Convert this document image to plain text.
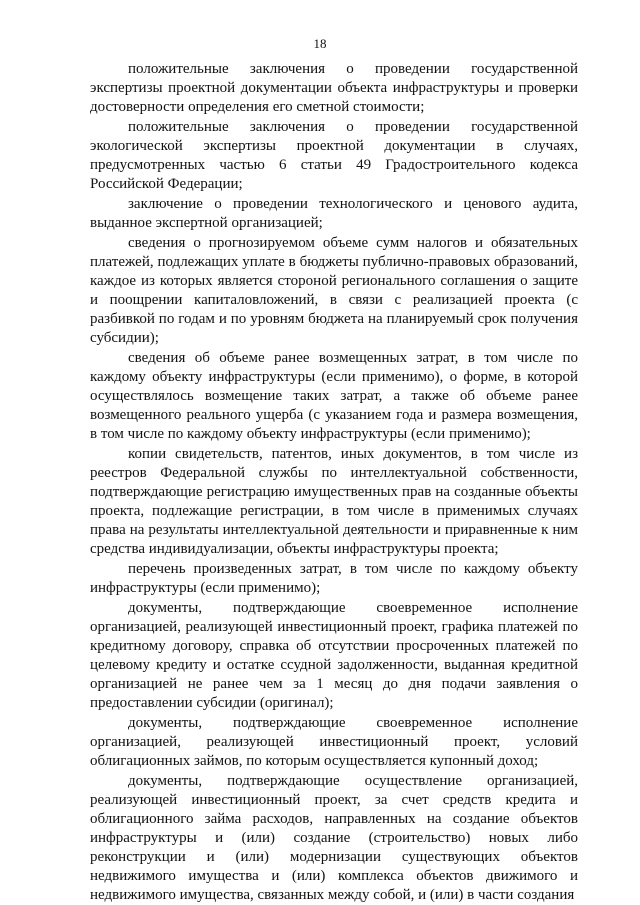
18

положительные заключения о проведении государственной экспертизы проектной документации объекта инфраструктуры и проверки достоверности определения его сметной стоимости;

положительные заключения о проведении государственной экологической экспертизы проектной документации в случаях, предусмотренных частью 6 статьи 49 Градостроительного кодекса Российской Федерации;

заключение о проведении технологического и ценового аудита, выданное экспертной организацией;

сведения о прогнозируемом объеме сумм налогов и обязательных платежей, подлежащих уплате в бюджеты публично-правовых образований, каждое из которых является стороной регионального соглашения о защите и поощрении капиталовложений, в связи с реализацией проекта (с разбивкой по годам и по уровням бюджета на планируемый срок получения субсидии);

сведения об объеме ранее возмещенных затрат, в том числе по каждому объекту инфраструктуры (если применимо), о форме, в которой осуществлялось возмещение таких затрат, а также об объеме ранее возмещенного реального ущерба (с указанием года и размера возмещения, в том числе по каждому объекту инфраструктуры (если применимо);

копии свидетельств, патентов, иных документов, в том числе из реестров Федеральной службы по интеллектуальной собственности, подтверждающие регистрацию имущественных прав на созданные объекты проекта, подлежащие регистрации, в том числе в применимых случаях права на результаты интеллектуальной деятельности и приравненные к ним средства индивидуализации, объекты инфраструктуры проекта;

перечень произведенных затрат, в том числе по каждому объекту инфраструктуры (если применимо);

документы, подтверждающие своевременное исполнение организацией, реализующей инвестиционный проект, графика платежей по кредитному договору, справка об отсутствии просроченных платежей по целевому кредиту и остатке ссудной задолженности, выданная кредитной организацией не ранее чем за 1 месяц до дня подачи заявления о предоставлении субсидии (оригинал);

документы, подтверждающие своевременное исполнение организацией, реализующей инвестиционный проект, условий облигационных займов, по которым осуществляется купонный доход;

документы, подтверждающие осуществление организацией, реализующей инвестиционный проект, за счет средств кредита и облигационного займа расходов, направленных на создание объектов инфраструктуры и (или) создание (строительство) новых либо реконструкции и (или) модернизации существующих объектов недвижимого имущества и (или) комплекса объектов движимого и недвижимого имущества, связанных между собой, и (или) в части создания
